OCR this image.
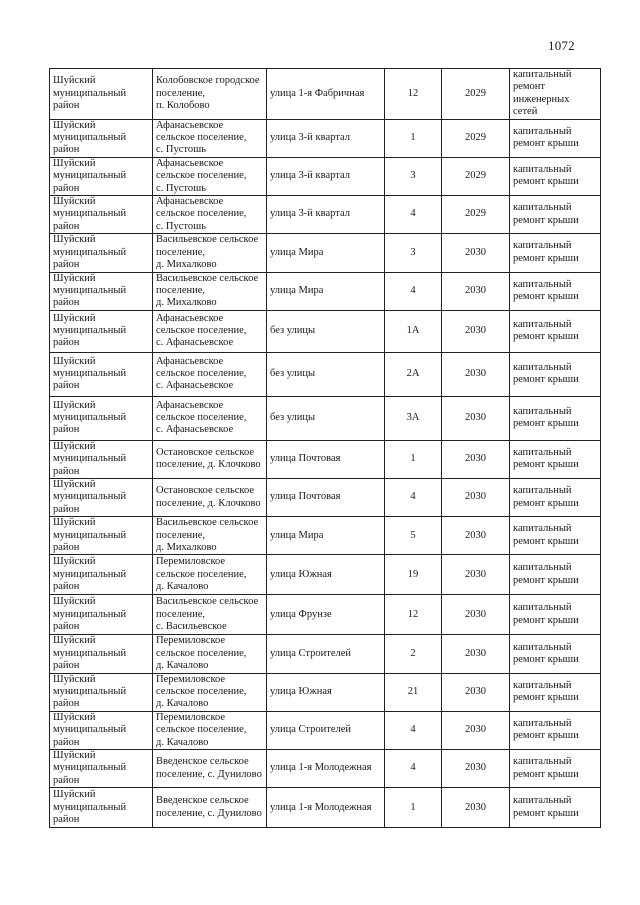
1072
Шуйский
муниципальный
район	Колобовское городское
поселение,
п. Колобово	улица 1-я Фабричная	12	2029	капитальный
ремонт
инженерных
сетей

Шуйский
муниципальный
район	Афанасьевское
сельское поселение,
с. Пустошь	улица 3-й квартал	1	2029	капитальный
ремонт крыши

Шуйский
муниципальный
район	Афанасьевское
сельское поселение,
с. Пустошь	улица 3-й квартал	3	2029	капитальный
ремонт крыши

Шуйский
муниципальный
район	Афанасьевское
сельское поселение,
с. Пустошь	улица 3-й квартал	4	2029	капитальный
ремонт крыши

Шуйский
муниципальный
район	Васильевское сельское
поселение,
д. Михалково	улица Мира	3	2030	капитальный
ремонт крыши

Шуйский
муниципальный
район	Васильевское сельское
поселение,
д. Михалково	улица Мира	4	2030	капитальный
ремонт крыши

Шуйский
муниципальный
район	Афанасьевское
сельское поселение,
с. Афанасьевское	без улицы	1А	2030	капитальный
ремонт крыши

Шуйский
муниципальный
район	Афанасьевское
сельское поселение,
с. Афанасьевское	без улицы	2А	2030	капитальный
ремонт крыши

Шуйский
муниципальный
район	Афанасьевское
сельское поселение,
с. Афанасьевское	без улицы	3А	2030	капитальный
ремонт крыши

Шуйский
муниципальный
район	Остановское сельское
поселение, д. Клочково	улица Почтовая	1	2030	капитальный
ремонт крыши

Шуйский
муниципальный
район	Остановское сельское
поселение, д. Клочково	улица Почтовая	4	2030	капитальный
ремонт крыши

Шуйский
муниципальный
район	Васильевское сельское
поселение,
д. Михалково	улица Мира	5	2030	капитальный
ремонт крыши

Шуйский
муниципальный
район	Перемиловское
сельское поселение,
д. Качалово	улица Южная	19	2030	капитальный
ремонт крыши

Шуйский
муниципальный
район	Васильевское сельское
поселение,
с. Васильевское	улица Фрунзе	12	2030	капитальный
ремонт крыши

Шуйский
муниципальный
район	Перемиловское
сельское поселение,
д. Качалово	улица Строителей	2	2030	капитальный
ремонт крыши

Шуйский
муниципальный
район	Перемиловское
сельское поселение,
д. Качалово	улица Южная	21	2030	капитальный
ремонт крыши

Шуйский
муниципальный
район	Перемиловское
сельское поселение,
д. Качалово	улица Строителей	4	2030	капитальный
ремонт крыши

Шуйский
муниципальный
район	Введенское сельское
поселение, с. Дунилово	улица 1-я Молодежная	4	2030	капитальный
ремонт крыши

Шуйский
муниципальный
район	Введенское сельское
поселение, с. Дунилово	улица 1-я Молодежная	1	2030	капитальный
ремонт крыши
